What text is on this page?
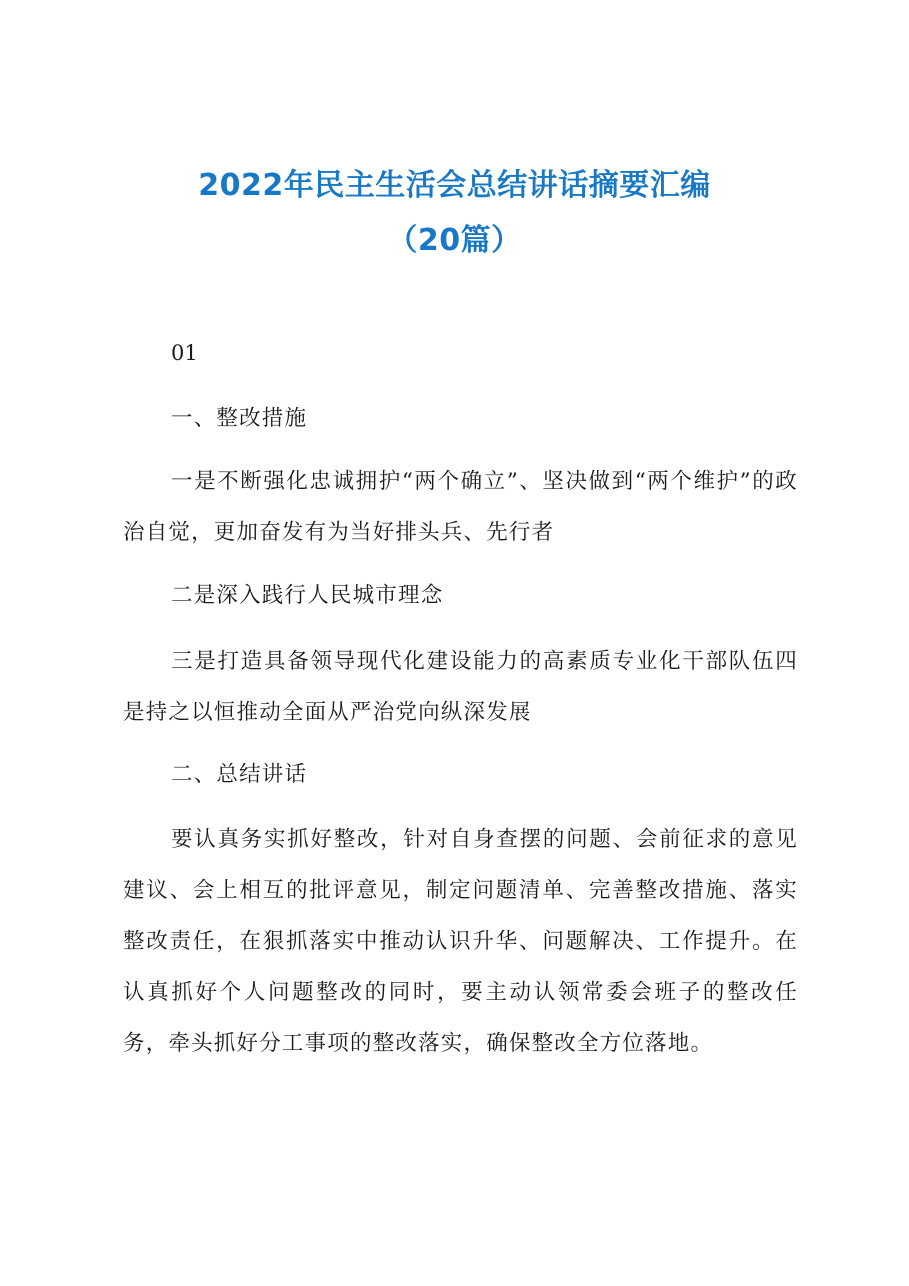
2022年民主生活会总结讲话摘要汇编
（20篇）
01

一、整改措施

一是不断强化忠诚拥护“两个确立”、坚决做到“两个维护”的政治自觉，更加奋发有为当好排头兵、先行者

二是深入践行人民城市理念

三是打造具备领导现代化建设能力的高素质专业化干部队伍四是持之以恒推动全面从严治党向纵深发展

二、总结讲话

要认真务实抓好整改，针对自身查摆的问题、会前征求的意见建议、会上相互的批评意见，制定问题清单、完善整改措施、落实整改责任，在狠抓落实中推动认识升华、问题解决、工作提升。在认真抓好个人问题整改的同时，要主动认领常委会班子的整改任务，牵头抓好分工事项的整改落实，确保整改全方位落地。
